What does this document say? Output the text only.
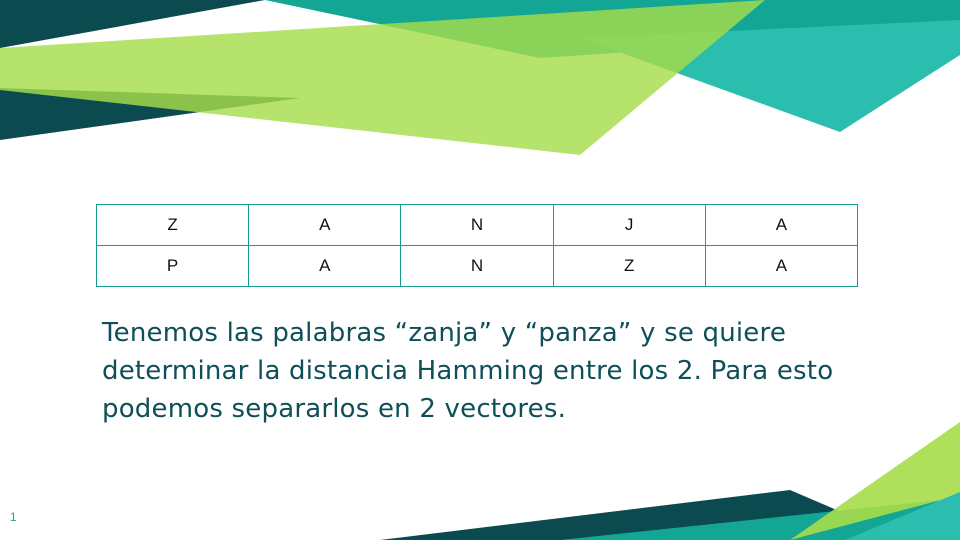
Z	A	N	J	A
P	A	N	Z	A

Tenemos las palabras “zanja” y “panza” y se quiere determinar la distancia Hamming entre los 2. Para esto podemos separarlos en 2 vectores.

1
